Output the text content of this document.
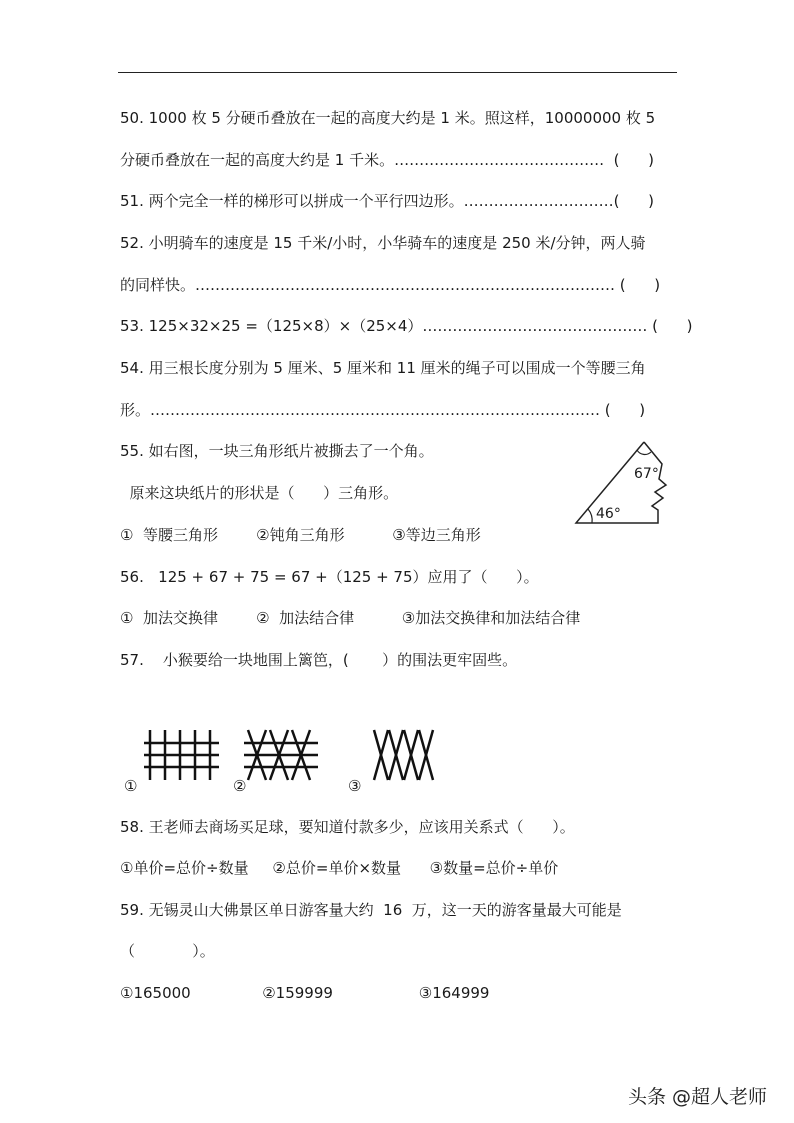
50. 1000 枚 5 分硬币叠放在一起的高度大约是 1 米。照这样，10000000 枚 5
分硬币叠放在一起的高度大约是 1 千米。……………………………………  (      )
51. 两个完全一样的梯形可以拼成一个平行四边形。…………………………(      )
52. 小明骑车的速度是 15 千米/小时，小华骑车的速度是 250 米/分钟，两人骑
的同样快。………………………………………………………………………… (      )
53. 125×32×25 =（125×8）×（25×4）……………………………………… (      )
54. 用三根长度分别为 5 厘米、5 厘米和 11 厘米的绳子可以围成一个等腰三角
形。……………………………………………………………………………… (      )
55. 如右图，一块三角形纸片被撕去了一个角。
原来这块纸片的形状是（      ）三角形。
①  等腰三角形        ②钝角三角形          ③等边三角形
67°
46°
56.   125 + 67 + 75 = 67 +（125 + 75）应用了（      ）。
①  加法交换律        ②  加法结合律          ③加法交换律和加法结合律
57.    小猴要给一块地围上篱笆，(       ）的围法更牢固些。
①	②	③
58. 王老师去商场买足球，要知道付款多少，应该用关系式（      ）。
①单价=总价÷数量     ②总价=单价×数量      ③数量=总价÷单价
59. 无锡灵山大佛景区单日游客量大约  16  万，这一天的游客量最大可能是
（            ）。
①165000               ②159999                  ③164999
头条 @超人老师
